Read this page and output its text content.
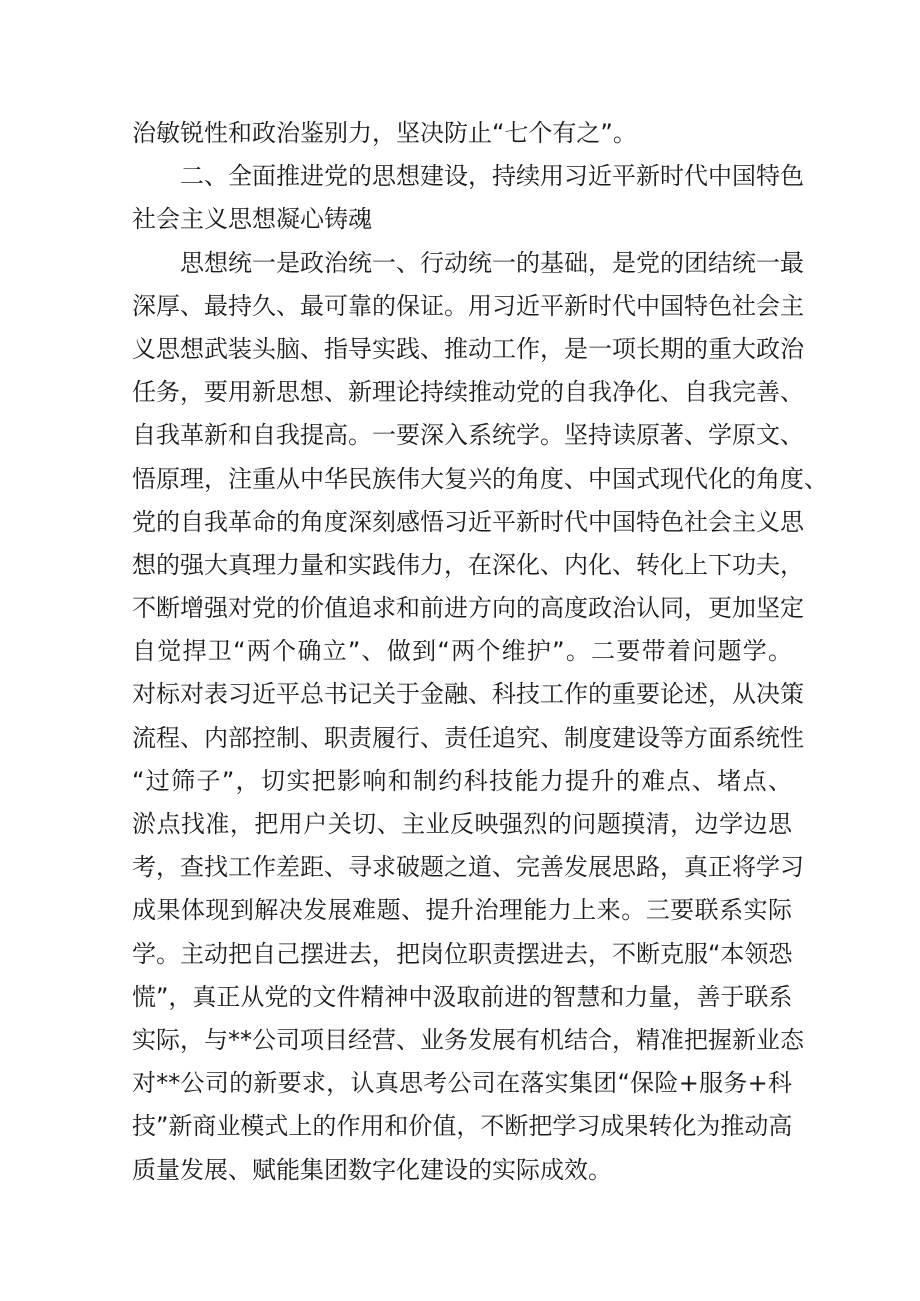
治敏锐性和政治鉴别力，坚决防止“七个有之”。
二、全面推进党的思想建设，持续用习近平新时代中国特色
社会主义思想凝心铸魂
思想统一是政治统一、行动统一的基础，是党的团结统一最
深厚、最持久、最可靠的保证。用习近平新时代中国特色社会主
义思想武装头脑、指导实践、推动工作，是一项长期的重大政治
任务，要用新思想、新理论持续推动党的自我净化、自我完善、
自我革新和自我提高。一要深入系统学。坚持读原著、学原文、
悟原理，注重从中华民族伟大复兴的角度、中国式现代化的角度、
党的自我革命的角度深刻感悟习近平新时代中国特色社会主义思
想的强大真理力量和实践伟力，在深化、内化、转化上下功夫，
不断增强对党的价值追求和前进方向的高度政治认同，更加坚定
自觉捍卫“两个确立”、做到“两个维护”。二要带着问题学。
对标对表习近平总书记关于金融、科技工作的重要论述，从决策
流程、内部控制、职责履行、责任追究、制度建设等方面系统性
“过筛子”，切实把影响和制约科技能力提升的难点、堵点、
淤点找准，把用户关切、主业反映强烈的问题摸清，边学边思
考，查找工作差距、寻求破题之道、完善发展思路，真正将学习
成果体现到解决发展难题、提升治理能力上来。三要联系实际
学。主动把自己摆进去，把岗位职责摆进去，不断克服“本领恐
慌”，真正从党的文件精神中汲取前进的智慧和力量，善于联系
实际，与**公司项目经营、业务发展有机结合，精准把握新业态
对**公司的新要求，认真思考公司在落实集团“保险+服务+科
技”新商业模式上的作用和价值，不断把学习成果转化为推动高
质量发展、赋能集团数字化建设的实际成效。
